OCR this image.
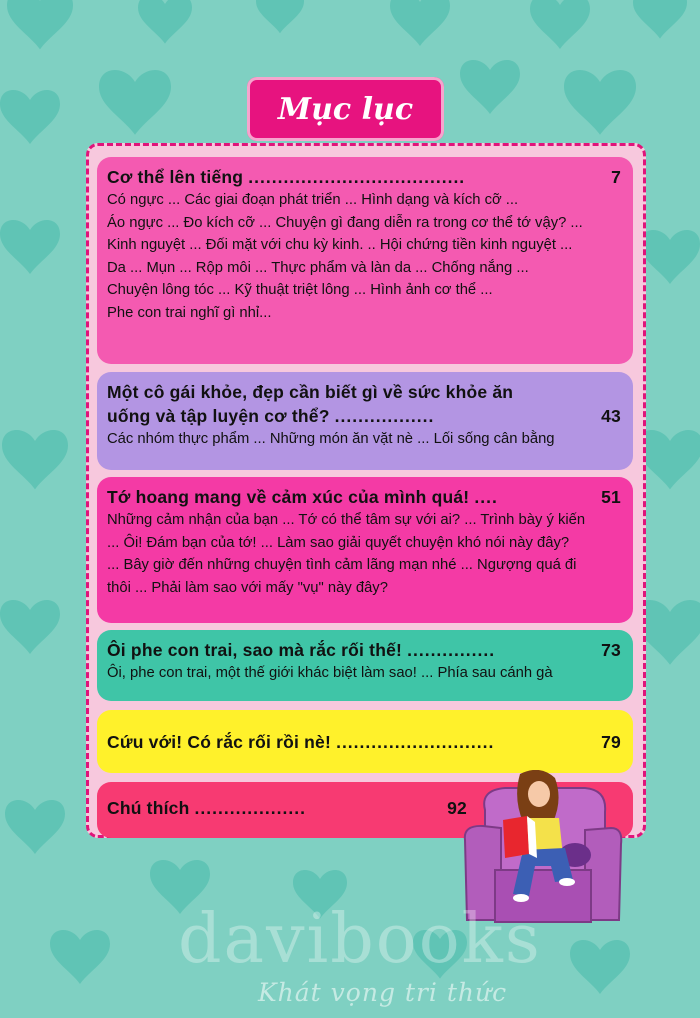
Mục lục
Cơ thể lên tiếng .....................................	7
Có ngực ... Các giai đoạn phát triển ... Hình dạng và kích cỡ ...
Áo ngực ... Đo kích cỡ ... Chuyện gì đang diễn ra trong cơ thể tớ vậy? ...
Kinh nguyệt ... Đối mặt với chu kỳ kinh. .. Hội chứng tiền kinh nguyệt ...
Da ... Mụn ... Rộp môi ... Thực phẩm và làn da ... Chống nắng ...
Chuyện lông tóc ... Kỹ thuật triệt lông ... Hình ảnh cơ thể ...
Phe con trai nghĩ gì nhỉ...
Một cô gái khỏe, đẹp cần biết gì về sức khỏe ăn
uống và tập luyện cơ thể? .................	43
Các nhóm thực phẩm ... Những món ăn vặt nè ... Lối sống cân bằng
Tớ hoang mang về cảm xúc của mình quá! ....	51
Những cảm nhận của bạn ... Tớ có thể tâm sự với ai? ... Trình bày ý kiến
... Ôi! Đám bạn của tớ! ... Làm sao giải quyết chuyện khó nói này đây?
... Bây giờ đến những chuyện tình cảm lãng mạn nhé ... Ngượng quá đi
thôi ... Phải làm sao với mấy "vụ" này đây?
Ôi phe con trai, sao mà rắc rối thế! ...............	73
Ôi, phe con trai, một thế giới khác biệt làm sao! ... Phía sau cánh gà
Cứu với! Có rắc rối rồi nè! ...........................	79
Chú thích ...................	92
davibooks
Khát vọng tri thức
